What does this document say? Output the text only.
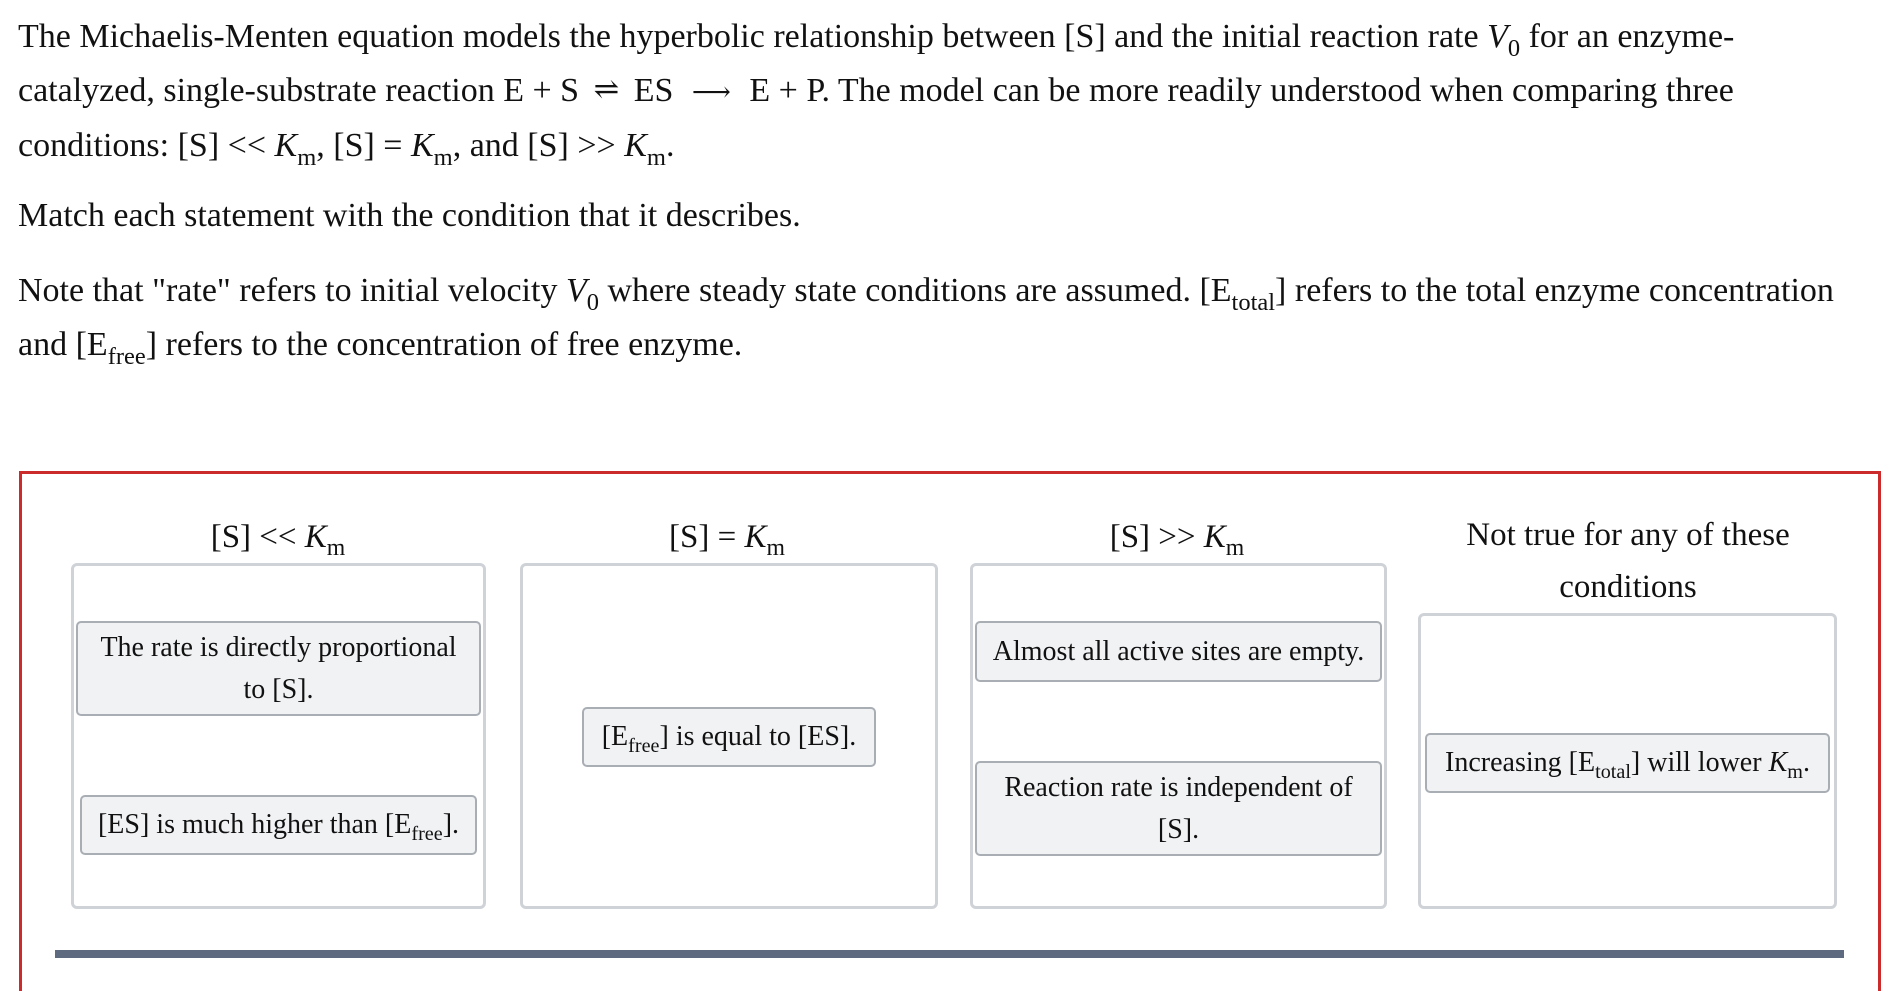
The Michaelis-Menten equation models the hyperbolic relationship between [S] and the initial reaction rate $V_0$ for an enzyme-catalyzed, single-substrate reaction E + S ⇌ ES ⟶ E + P. The model can be more readily understood when comparing three conditions: $[S] << K_m$, $[S] = K_m$, and $[S] >> K_m$.

Match each statement with the condition that it describes.

Note that "rate" refers to initial velocity $V_0$ where steady state conditions are assumed. $[E_{total}]$ refers to the total enzyme concentration and $[E_{free}]$ refers to the concentration of free enzyme.

$[S] << K_m$
The rate is directly proportional to [S].
[ES] is much higher than $[E_{free}]$.
$[S] = K_m$
$[E_{free}]$ is equal to [ES].
$[S] >> K_m$
Almost all active sites are empty.
Reaction rate is independent of [S].
Not true for any of these conditions
Increasing $[E_{total}]$ will lower $K_m$.
